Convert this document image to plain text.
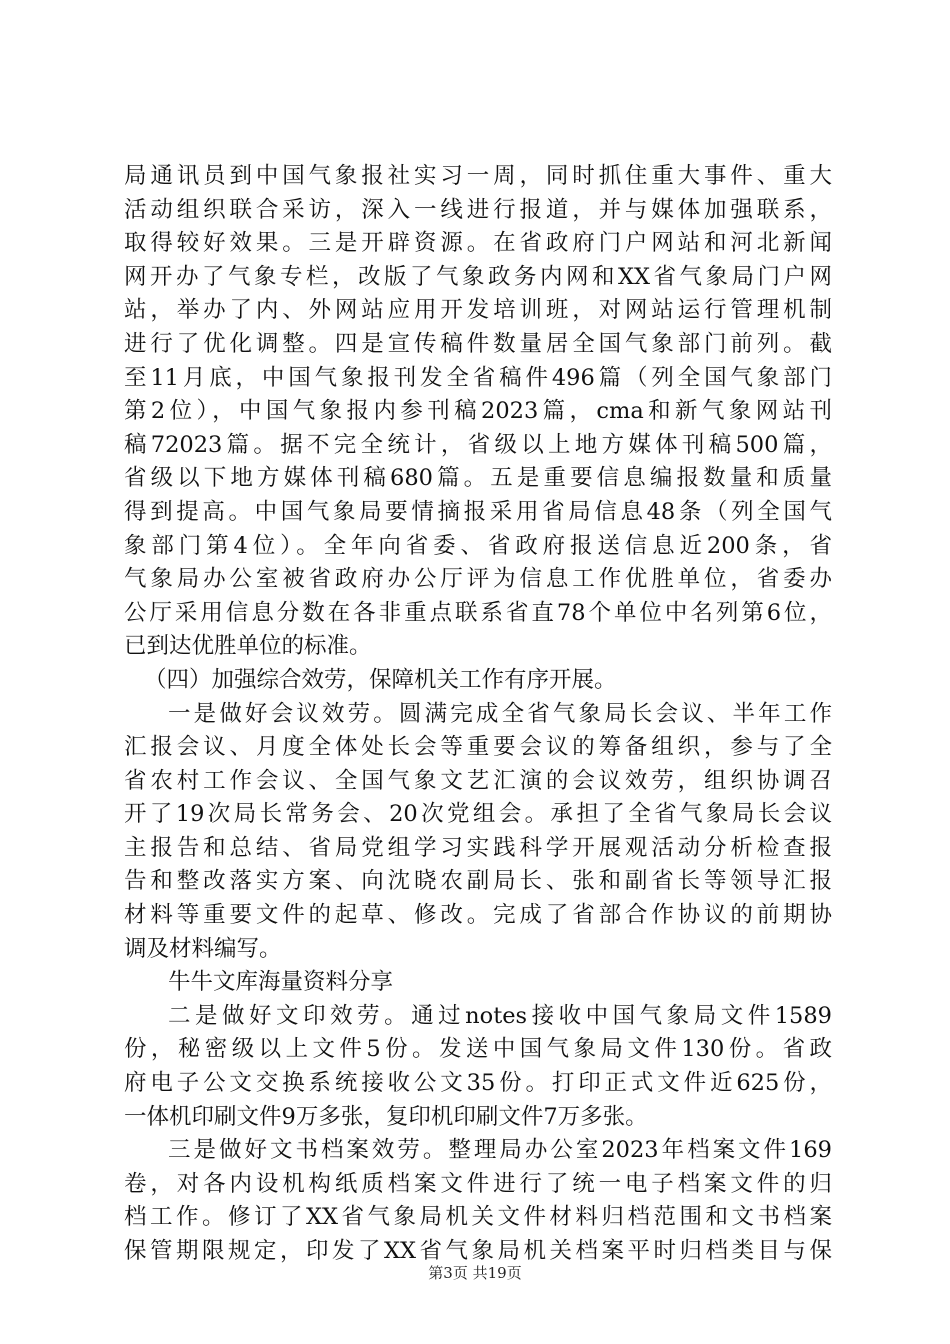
局通讯员到中国气象报社实习一周，同时抓住重大事件、重大
活动组织联合采访，深入一线进行报道，并与媒体加强联系，
取得较好效果。三是开辟资源。在省政府门户网站和河北新闻
网开办了气象专栏，改版了气象政务内网和XX省气象局门户网
站，举办了内、外网站应用开发培训班，对网站运行管理机制
进行了优化调整。四是宣传稿件数量居全国气象部门前列。截
至11月底，中国气象报刊发全省稿件496篇（列全国气象部门
第2位），中国气象报内参刊稿2023篇，cma和新气象网站刊
稿72023篇。据不完全统计，省级以上地方媒体刊稿500篇，
省级以下地方媒体刊稿680篇。五是重要信息编报数量和质量
得到提高。中国气象局要情摘报采用省局信息48条（列全国气
象部门第4位）。全年向省委、省政府报送信息近200条，省
气象局办公室被省政府办公厅评为信息工作优胜单位，省委办
公厅采用信息分数在各非重点联系省直78个单位中名列第6位，
已到达优胜单位的标准。
（四）加强综合效劳，保障机关工作有序开展。
一是做好会议效劳。圆满完成全省气象局长会议、半年工作
汇报会议、月度全体处长会等重要会议的筹备组织，参与了全
省农村工作会议、全国气象文艺汇演的会议效劳，组织协调召
开了19次局长常务会、20次党组会。承担了全省气象局长会议
主报告和总结、省局党组学习实践科学开展观活动分析检查报
告和整改落实方案、向沈晓农副局长、张和副省长等领导汇报
材料等重要文件的起草、修改。完成了省部合作协议的前期协
调及材料编写。
牛牛文库海量资料分享
二是做好文印效劳。通过notes接收中国气象局文件1589
份，秘密级以上文件5份。发送中国气象局文件130份。省政
府电子公文交换系统接收公文35份。打印正式文件近625份，
一体机印刷文件9万多张，复印机印刷文件7万多张。
三是做好文书档案效劳。整理局办公室2023年档案文件169
卷，对各内设机构纸质档案文件进行了统一电子档案文件的归
档工作。修订了XX省气象局机关文件材料归档范围和文书档案
保管期限规定，印发了XX省气象局机关档案平时归档类目与保
第3页 共19页
